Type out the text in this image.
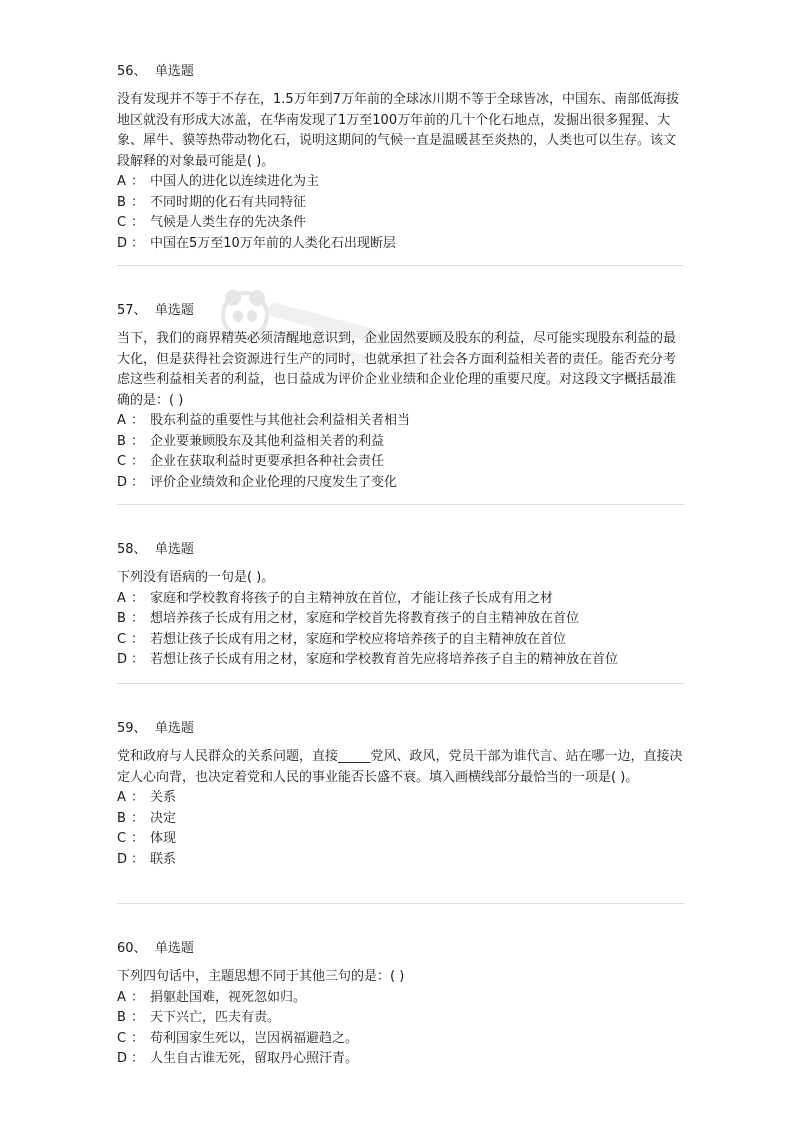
56、 单选题
没有发现并不等于不存在，1.5万年到7万年前的全球冰川期不等于全球皆冰，中国东、南部低海拔地区就没有形成大冰盖，在华南发现了1万至100万年前的几十个化石地点，发掘出很多猩猩、大象、犀牛、貘等热带动物化石，说明这期间的气候一直是温暖甚至炎热的，人类也可以生存。该文段解释的对象最可能是( )。
A ： 中国人的进化以连续进化为主
B ： 不同时期的化石有共同特征
C ： 气候是人类生存的先决条件
D ： 中国在5万至10万年前的人类化石出现断层
57、 单选题
当下，我们的商界精英必须清醒地意识到，企业固然要顾及股东的利益，尽可能实现股东利益的最大化，但是获得社会资源进行生产的同时，也就承担了社会各方面利益相关者的责任。能否充分考虑这些利益相关者的利益，也日益成为评价企业业绩和企业伦理的重要尺度。对这段文字概括最准确的是：( )
A ： 股东利益的重要性与其他社会利益相关者相当
B ： 企业要兼顾股东及其他利益相关者的利益
C ： 企业在获取利益时更要承担各种社会责任
D ： 评价企业绩效和企业伦理的尺度发生了变化
58、 单选题
下列没有语病的一句是( )。
A ： 家庭和学校教育将孩子的自主精神放在首位，才能让孩子长成有用之材
B ： 想培养孩子长成有用之材，家庭和学校首先将教育孩子的自主精神放在首位
C ： 若想让孩子长成有用之材，家庭和学校应将培养孩子的自主精神放在首位
D ： 若想让孩子长成有用之材，家庭和学校教育首先应将培养孩子自主的精神放在首位
59、 单选题
党和政府与人民群众的关系问题，直接_____党风、政风，党员干部为谁代言、站在哪一边，直接决定人心向背，也决定着党和人民的事业能否长盛不衰。填入画横线部分最恰当的一项是( )。
A ： 关系
B ： 决定
C ： 体现
D ： 联系
60、 单选题
下列四句话中，主题思想不同于其他三句的是：( )
A ： 捐躯赴国难，视死忽如归。
B ： 天下兴亡，匹夫有责。
C ： 苟利国家生死以，岂因祸福避趋之。
D ： 人生自古谁无死，留取丹心照汗青。
